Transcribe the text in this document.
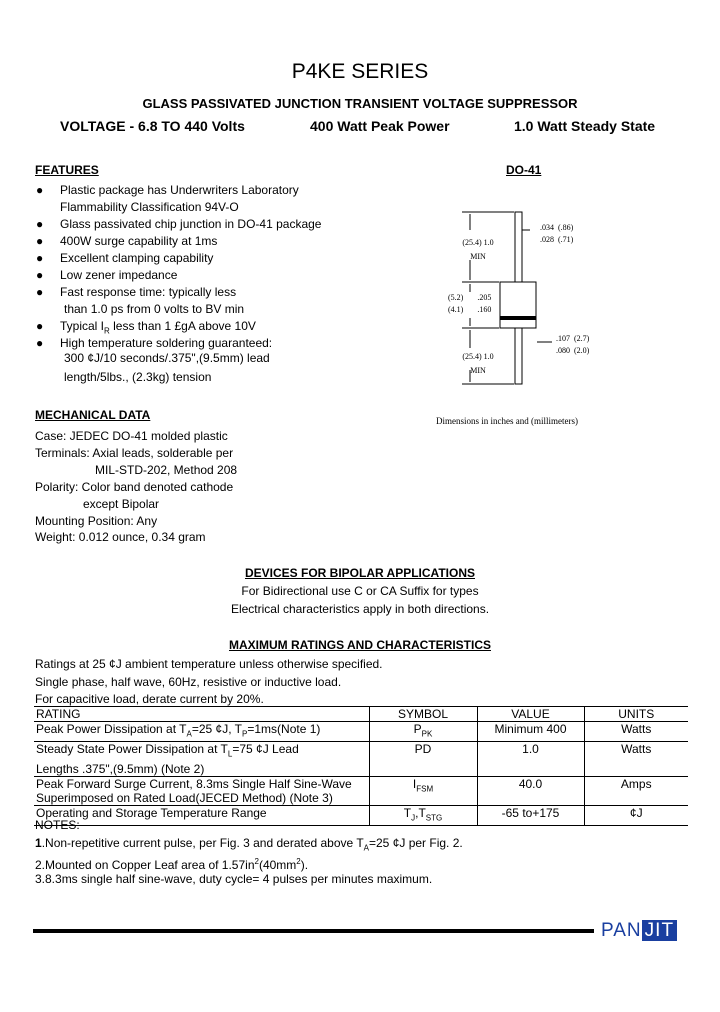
P4KE SERIES
GLASS PASSIVATED JUNCTION TRANSIENT VOLTAGE SUPPRESSOR
VOLTAGE - 6.8 TO 440 Volts	400 Watt Peak Power	1.0 Watt Steady State
FEATURES
● Plastic package has Underwriters Laboratory
Flammability Classification 94V-O
● Glass passivated chip junction in DO-41 package
● 400W surge capability at 1ms
● Excellent clamping capability
● Low zener impedance
● Fast response time: typically less
than 1.0 ps from 0 volts to BV min
● Typical $I_R$ less than 1 £gA above 10V
● High temperature soldering guaranteed:
300 ¢J/10 seconds/.375",(9.5mm) lead
length/5lbs., (2.3kg) tension
DO-41
(25.4) 1.0
MIN
.034 (.86)
.028 (.71)
(5.2) .205
(4.1) .160
.107 (2.7)
.080 (2.0)
(25.4) 1.0
MIN
Dimensions in inches and (millimeters)
MECHANICAL DATA
Case: JEDEC DO-41 molded plastic
Terminals: Axial leads, solderable per
MIL-STD-202, Method 208
Polarity: Color band denoted cathode
except Bipolar
Mounting Position: Any
Weight: 0.012 ounce, 0.34 gram
DEVICES FOR BIPOLAR APPLICATIONS
For Bidirectional use C or CA Suffix for types
Electrical characteristics apply in both directions.
MAXIMUM RATINGS AND CHARACTERISTICS
Ratings at 25 ¢J ambient temperature unless otherwise specified.
Single phase, half wave, 60Hz, resistive or inductive load.
For capacitive load, derate current by 20%.
RATING	SYMBOL	VALUE	UNITS
Peak Power Dissipation at $T_A=25$ ¢J, $T_P=1ms(Note$ 1)	$P_{PK}$	Minimum 400	Watts
Steady State Power Dissipation at $T_L=75$ ¢J Lead
Lengths .375",(9.5mm) (Note 2)	PD	1.0	Watts
Peak Forward Surge Current, 8.3ms Single Half Sine-Wave
Superimposed on Rated Load(JECED Method) (Note 3)	$I_{FSM}$	40.0	Amps
Operating and Storage Temperature Range	$T_J,T_{STG}$	-65 to+175	¢J
NOTES:
1.Non-repetitive current pulse, per Fig. 3 and derated above $T_A=25$ ¢J per Fig. 2.
2.Mounted on Copper Leaf area of $1.57in^2(40mm^2)$.
3.8.3ms single half sine-wave, duty cycle= 4 pulses per minutes maximum.
PAN JIT
